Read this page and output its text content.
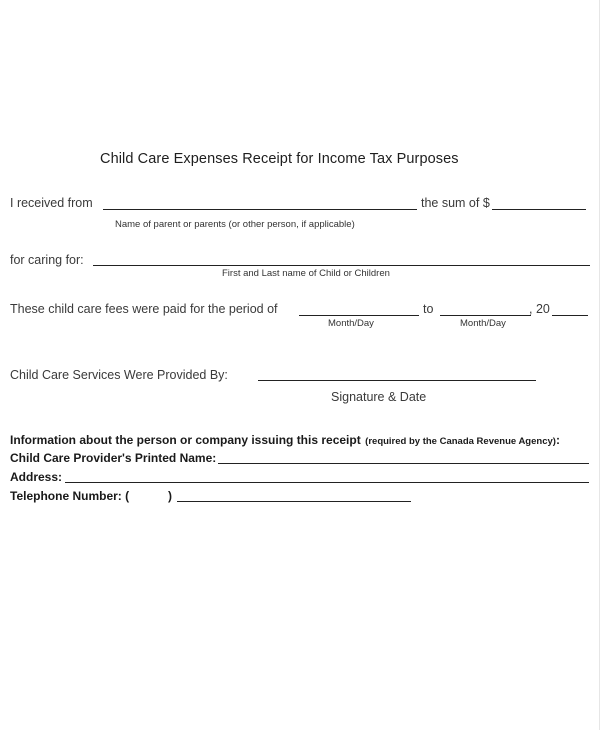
Child Care Expenses Receipt for Income Tax Purposes
I received from	the sum of $
Name of parent or parents (or other person, if applicable)
for caring for:
First and Last name of Child or Children
These child care fees were paid for the period of	to	, 20
Month/Day	Month/Day
Child Care Services Were Provided By:
Signature & Date
Information about the person or company issuing this receipt (required by the Canada Revenue Agency):
Child Care Provider's Printed Name:
Address:
Telephone Number: (	)
